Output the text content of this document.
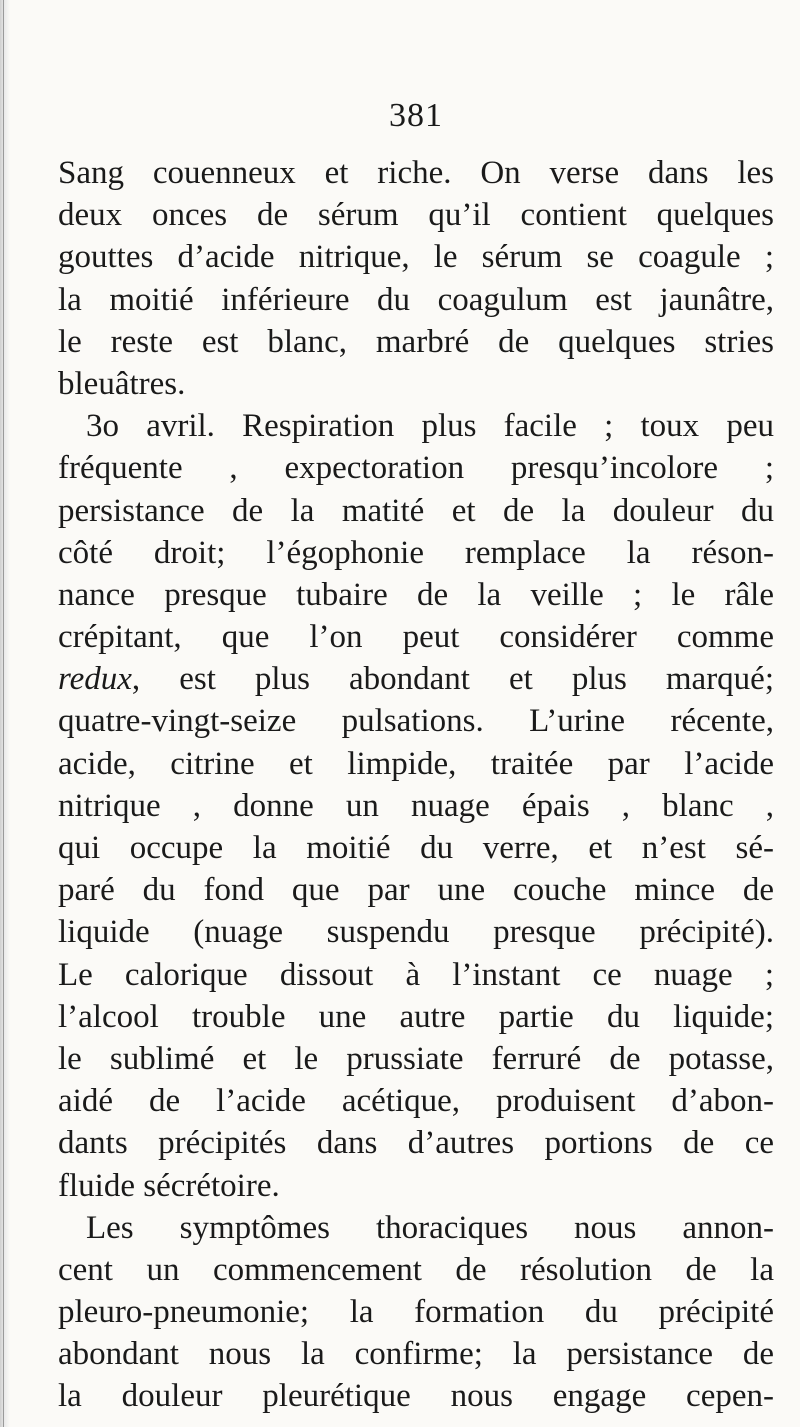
381
Sang couenneux et riche. On verse dans les
deux onces de sérum qu’il contient quelques
gouttes d’acide nitrique, le sérum se coagule ;
la moitié inférieure du coagulum est jaunâtre,
le reste est blanc, marbré de quelques stries
bleuâtres.
3o avril. Respiration plus facile ; toux peu
fréquente , expectoration presqu’incolore ;
persistance de la matité et de la douleur du
côté droit; l’égophonie remplace la réson-
nance presque tubaire de la veille ; le râle
crépitant, que l’on peut considérer comme
redux, est plus abondant et plus marqué;
quatre-vingt-seize pulsations. L’urine récente,
acide, citrine et limpide, traitée par l’acide
nitrique , donne un nuage épais , blanc ,
qui occupe la moitié du verre, et n’est sé-
paré du fond que par une couche mince de
liquide (nuage suspendu presque précipité).
Le calorique dissout à l’instant ce nuage ;
l’alcool trouble une autre partie du liquide;
le sublimé et le prussiate ferruré de potasse,
aidé de l’acide acétique, produisent d’abon-
dants précipités dans d’autres portions de ce
fluide sécrétoire.
Les symptômes thoraciques nous annon-
cent un commencement de résolution de la
pleuro-pneumonie; la formation du précipité
abondant nous la confirme; la persistance de
la douleur pleurétique nous engage cepen-
